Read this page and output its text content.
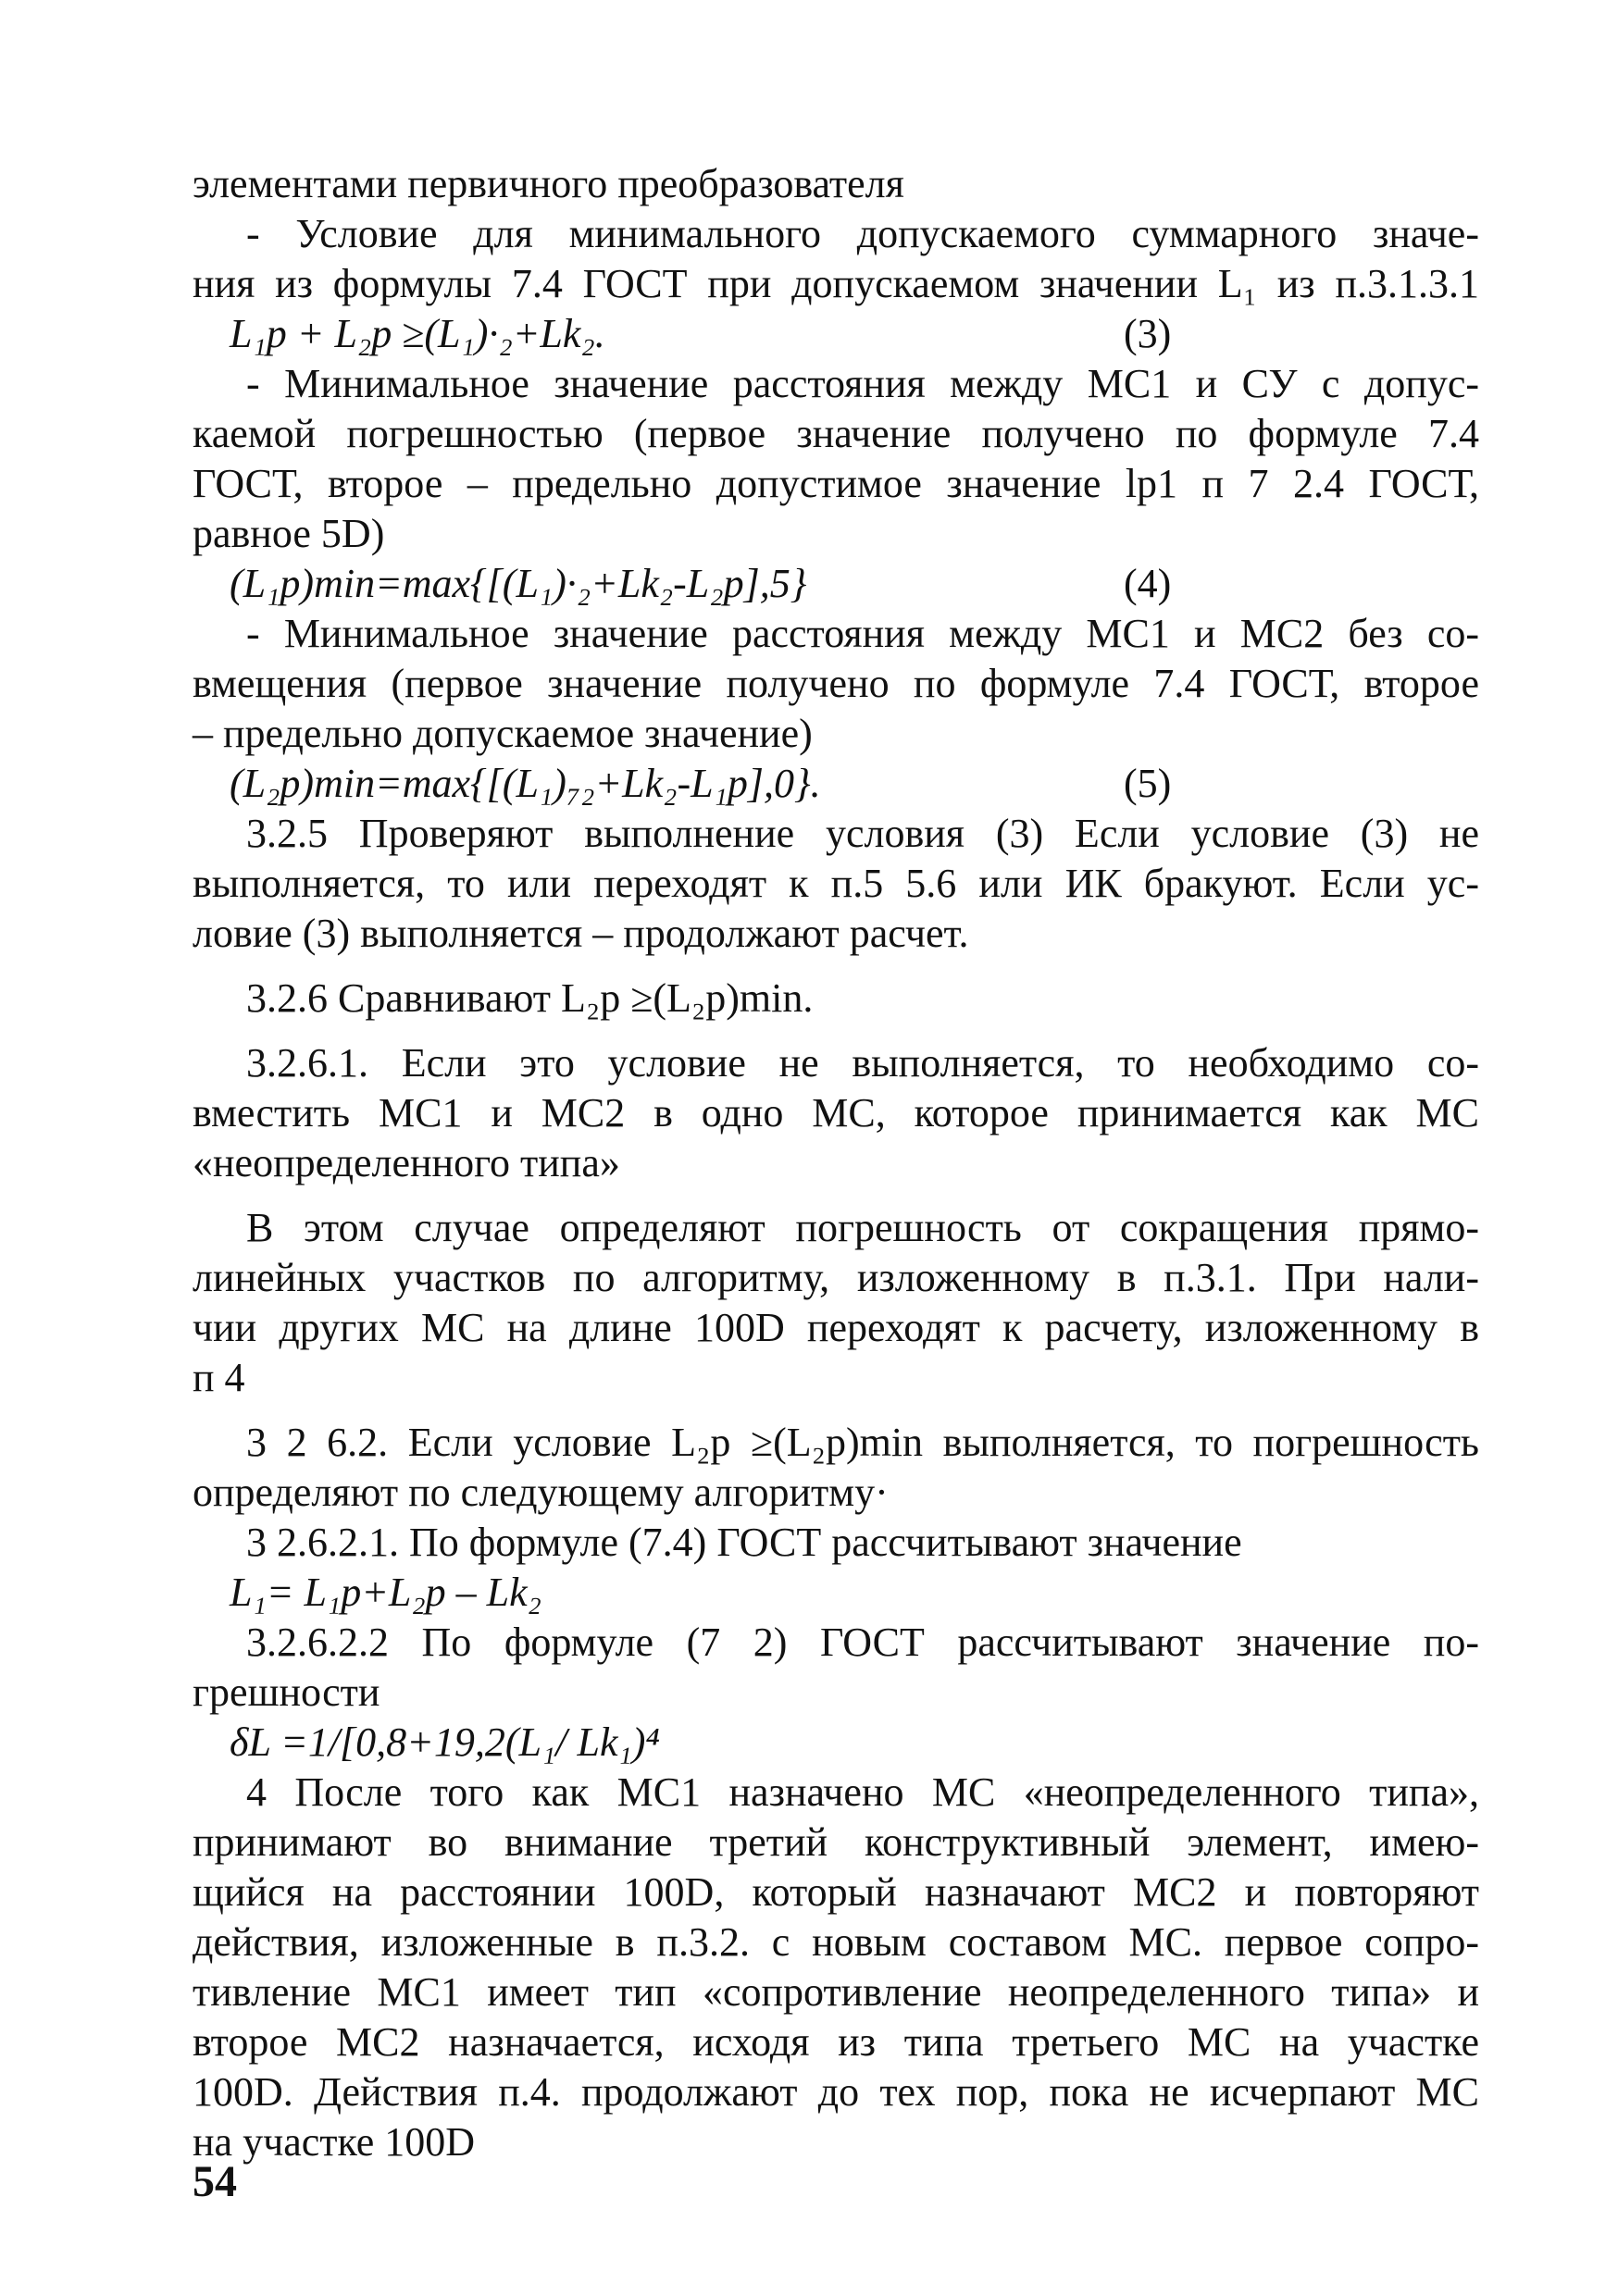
элементами первичного преобразователя
- Условие для минимального допускаемого суммарного значе-
ния из формулы 7.4 ГОСТ при допускаемом значении L₁ из п.3.1.3.1
L₁p + L₂p ≥(L₁)·₂+Lk₂.	(3)
- Минимальное значение расстояния между МС1 и СУ с допус-
каемой погрешностью (первое значение получено по формуле 7.4
ГОСТ, второе – предельно допустимое значение lp1 п 7 2.4 ГОСТ,
равное 5D)
(L₁p)min=max{[(L₁)·₂+Lk₂-L₂p],5}	(4)
- Минимальное значение расстояния между МС1 и МС2 без со-
вмещения (первое значение получено по формуле 7.4 ГОСТ, второе
– предельно допускаемое значение)
(L₂p)min=max{[(L₁)₇₂+Lk₂-L₁p],0}.	(5)
3.2.5 Проверяют выполнение условия (3) Если условие (3) не
выполняется, то или переходят к п.5 5.6 или ИК бракуют. Если ус-
ловие (3) выполняется – продолжают расчет.
3.2.6 Сравнивают L₂p ≥(L₂p)min.
3.2.6.1. Если это условие не выполняется, то необходимо со-
вместить МС1 и МС2 в одно МС, которое принимается как МС
«неопределенного типа»
В этом случае определяют погрешность от сокращения прямо-
линейных участков по алгоритму, изложенному в п.3.1. При нали-
чии других МС на длине 100D переходят к расчету, изложенному в
п 4
3 2 6.2. Если условие L₂p ≥(L₂p)min выполняется, то погрешность
определяют по следующему алгоритму·
3 2.6.2.1. По формуле (7.4) ГОСТ рассчитывают значение
L₁= L₁p+L₂p – Lk₂
3.2.6.2.2 По формуле (7 2) ГОСТ рассчитывают значение по-
грешности
δL =1/[0,8+19,2(L₁/ Lk₁)⁴
4 После того как МС1 назначено МС «неопределенного типа»,
принимают во внимание третий конструктивный элемент, имею-
щийся на расстоянии 100D, который назначают МС2 и повторяют
действия, изложенные в п.3.2. с новым составом МС. первое сопро-
тивление МС1 имеет тип «сопротивление неопределенного типа» и
второе МС2 назначается, исходя из типа третьего МС на участке
100D. Действия п.4. продолжают до тех пор, пока не исчерпают МС
на участке 100D
54
